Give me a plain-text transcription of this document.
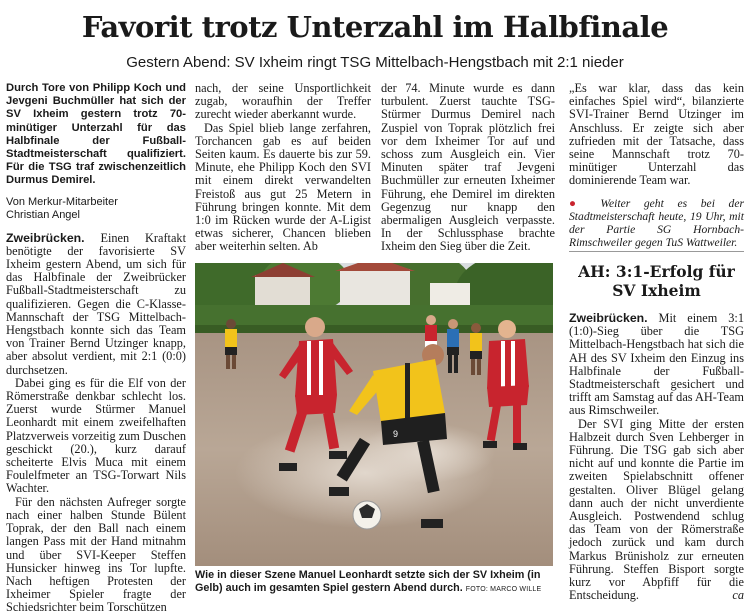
Favorit trotz Unterzahl im Halbfinale
Gestern Abend: SV Ixheim ringt TSG Mittelbach-Hengstbach mit 2:1 nieder

Durch Tore von Philipp Koch und Jevgeni Buchmüller hat sich der SV Ixheim gestern trotz 70-minütiger Unterzahl für das Halbfinale der Fußball-Stadtmeisterschaft qualifiziert. Für die TSG traf zwischenzeitlich Durmus Demirel.

Von Merkur-Mitarbeiter
Christian Angel

Zweibrücken. Einen Kraftakt benötigte der favorisierte SV Ixheim gestern Abend, um sich für das Halbfinale der Zweibrücker Fußball-Stadtmeisterschaft zu qualifizieren. Gegen die C-Klasse-Mannschaft der TSG Mittelbach-Hengstbach konnte sich das Team von Trainer Bernd Utzinger knapp, aber absolut verdient, mit 2:1 (0:0) durchsetzen.

Dabei ging es für die Elf von der Römerstraße denkbar schlecht los. Zuerst wurde Stürmer Manuel Leonhardt mit einem zweifelhaften Platzverweis vorzeitig zum Duschen geschickt (20.), kurz darauf scheiterte Elvis Muca mit einem Foulelfmeter an TSG-Torwart Nils Wachter.

Für den nächsten Aufreger sorgte nach einer halben Stunde Bülent Toprak, der den Ball nach einem langen Pass mit der Hand mitnahm und über SVI-Keeper Steffen Hunsicker hinweg ins Tor lupfte. Nach heftigen Protesten der Ixheimer Spieler fragte der Schiedsrichter beim Torschützen

nach, der seine Unsportlichkeit zugab, woraufhin der Treffer zurecht wieder aberkannt wurde.

Das Spiel blieb lange zerfahren, Torchancen gab es auf beiden Seiten kaum. Es dauerte bis zur 59. Minute, ehe Philipp Koch den SVI mit einem direkt verwandelten Freistoß aus gut 25 Metern in Führung bringen konnte. Mit dem 1:0 im Rücken wurde der A-Ligist etwas sicherer, Chancen blieben aber weiterhin selten. Ab

der 74. Minute wurde es dann turbulent. Zuerst tauchte TSG-Stürmer Durmus Demirel nach Zuspiel von Toprak plötzlich frei vor dem Ixheimer Tor auf und schoss zum Ausgleich ein. Vier Minuten später traf Jevgeni Buchmüller zur erneuten Ixheimer Führung, ehe Demirel im direkten Gegenzug nur knapp den abermaligen Ausgleich verpasste. In der Schlussphase brachte Ixheim den Sieg über die Zeit.

9
Wie in dieser Szene Manuel Leonhardt setzte sich der SV Ixheim (in Gelb) auch im gesamten Spiel gestern Abend durch. FOTO: MARCO WILLE

„Es war klar, dass das kein einfaches Spiel wird“, bilanzierte SVI-Trainer Bernd Utzinger im Anschluss. Er zeigte sich aber zufrieden mit der Tatsache, dass seine Mannschaft trotz 70-minütiger Unterzahl das dominierende Team war.

● Weiter geht es bei der Stadtmeisterschaft heute, 19 Uhr, mit der Partie SG Hornbach-Rimschweiler gegen TuS Wattweiler.

AH: 3:1-Erfolg für SV Ixheim

Zweibrücken. Mit einem 3:1 (1:0)-Sieg über die TSG Mittelbach-Hengstbach hat sich die AH des SV Ixheim den Einzug ins Halbfinale der Fußball-Stadtmeisterschaft gesichert und trifft am Samstag auf das AH-Team aus Rimschweiler.

Der SVI ging Mitte der ersten Halbzeit durch Sven Lehberger in Führung. Die TSG gab sich aber nicht auf und konnte die Partie im zweiten Spielabschnitt offener gestalten. Oliver Blügel gelang dann auch der nicht unverdiente Ausgleich. Postwendend schlug das Team von der Römerstraße jedoch zurück und kam durch Markus Brünisholz zur erneuten Führung. Steffen Bisport sorgte kurz vor Abpfiff für die Entscheidung.	ca
